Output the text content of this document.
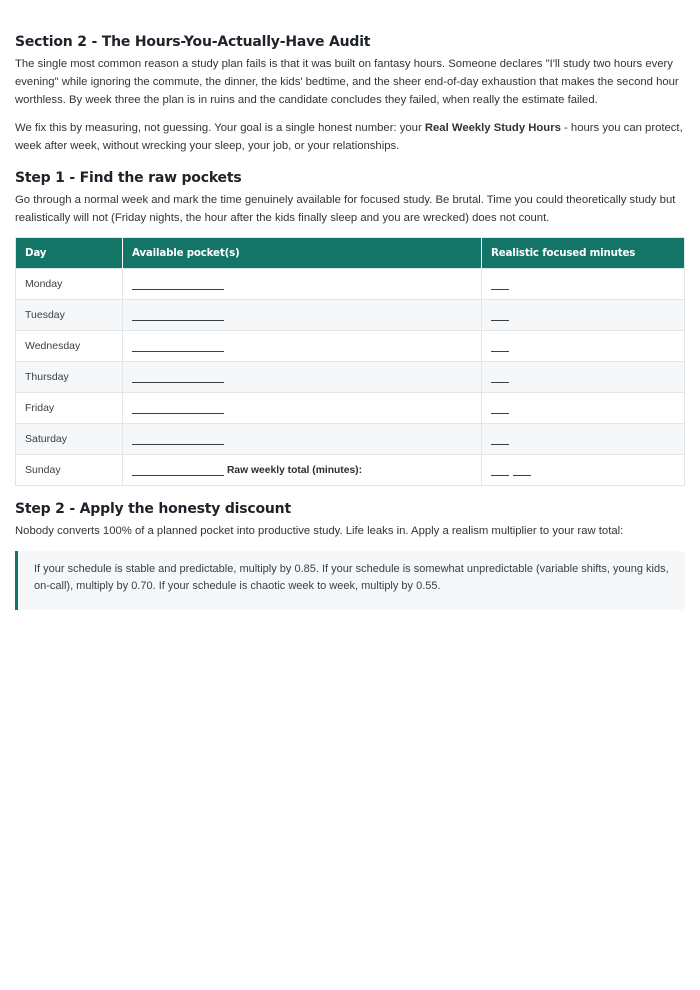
Section 2 - The Hours-You-Actually-Have Audit

The single most common reason a study plan fails is that it was built on fantasy hours. Someone declares "I'll study two hours every evening" while ignoring the commute, the dinner, the kids' bedtime, and the sheer end-of-day exhaustion that makes the second hour worthless. By week three the plan is in ruins and the candidate concludes they failed, when really the estimate failed.

We fix this by measuring, not guessing. Your goal is a single honest number: your Real Weekly Study Hours - hours you can protect, week after week, without wrecking your sleep, your job, or your relationships.

Step 1 - Find the raw pockets

Go through a normal week and mark the time genuinely available for focused study. Be brutal. Time you could theoretically study but realistically will not (Friday nights, the hour after the kids finally sleep and you are wrecked) does not count.

Day	Available pocket(s)	Realistic focused minutes
Monday		
Tuesday		
Wednesday		
Thursday		
Friday		
Saturday		
Sunday	Raw weekly total (minutes):	
Step 2 - Apply the honesty discount

Nobody converts 100% of a planned pocket into productive study. Life leaks in. Apply a realism multiplier to your raw total:

If your schedule is stable and predictable, multiply by 0.85. If your schedule is somewhat unpredictable (variable shifts, young kids, on-call), multiply by 0.70. If your schedule is chaotic week to week, multiply by 0.55.
